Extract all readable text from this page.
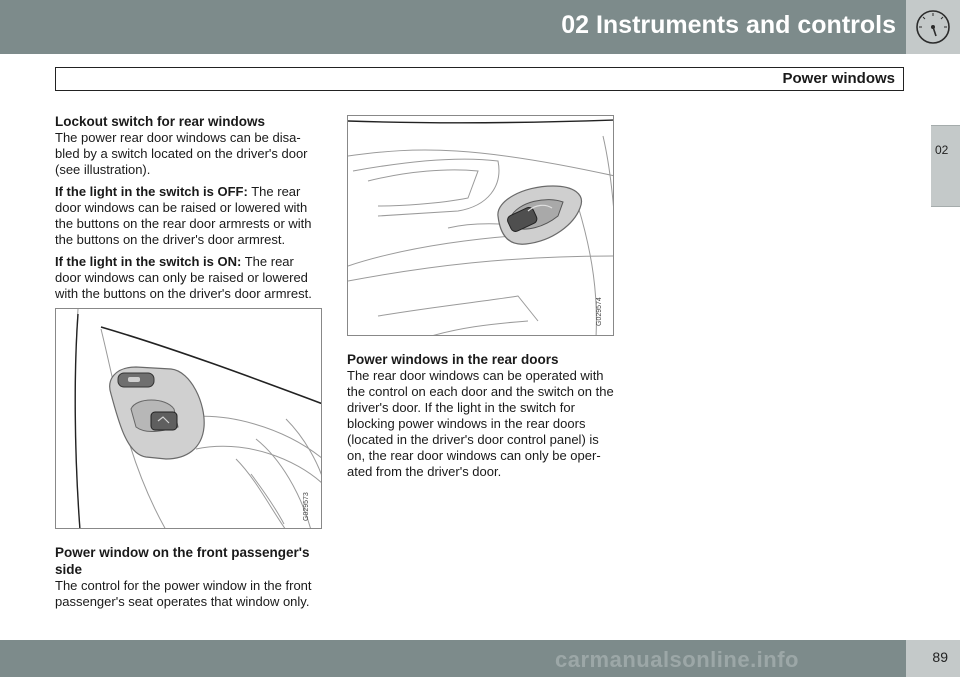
02 Instruments and controls
Power windows
02
Lockout switch for rear windows

The power rear door windows can be disa-bled by a switch located on the driver's door (see illustration).

If the light in the switch is OFF: The rear door windows can be raised or lowered with the buttons on the rear door armrests or with the buttons on the driver's door armrest.

If the light in the switch is ON: The rear door windows can only be raised or lowered with the buttons on the driver's door armrest.

G029573
Power window on the front passenger's side

The control for the power window in the front passenger's seat operates that window only.

G029574
Power windows in the rear doors

The rear door windows can be operated with the control on each door and the switch on the driver's door. If the light in the switch for blocking power windows in the rear doors (located in the driver's door control panel) is on, the rear door windows can only be oper-ated from the driver's door.

carmanualsonline.info	89
